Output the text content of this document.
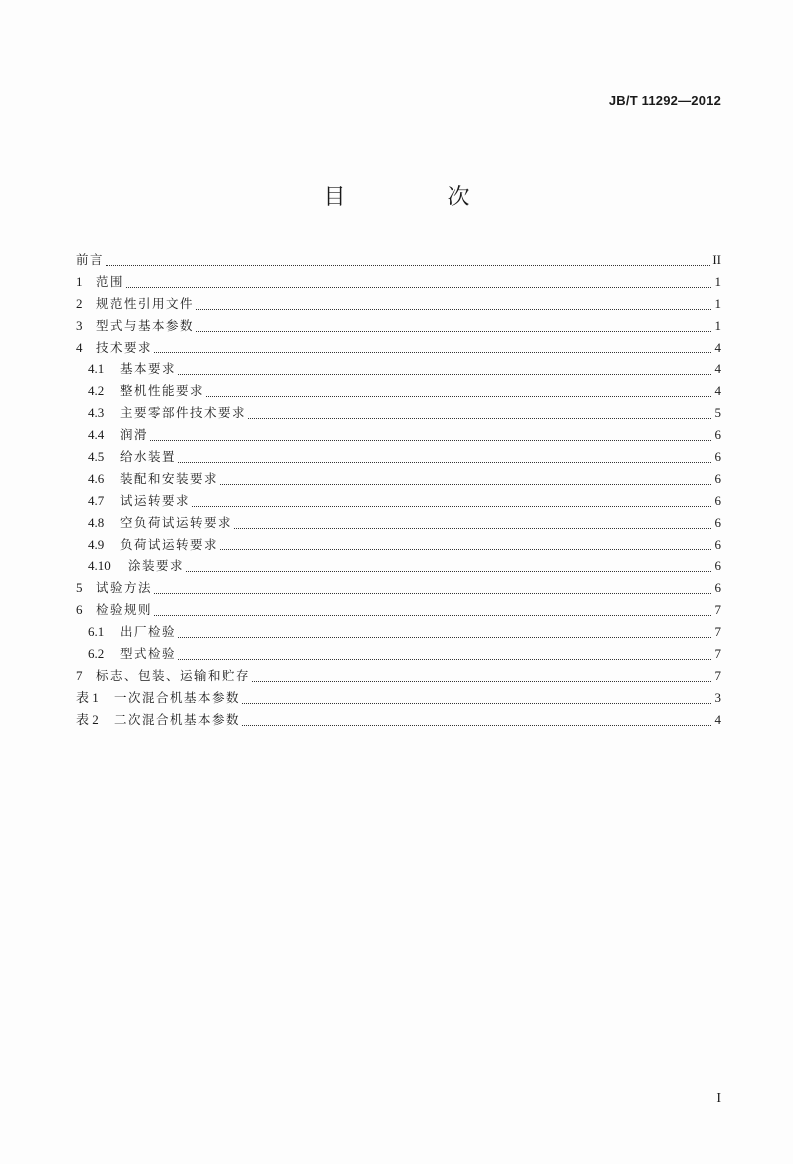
JB/T 11292—2012
目　次
前言	II
1	范围	1
2	规范性引用文件	1
3	型式与基本参数	1
4	技术要求	4
4.1	基本要求	4
4.2	整机性能要求	4
4.3	主要零部件技术要求	5
4.4	润滑	6
4.5	给水装置	6
4.6	装配和安装要求	6
4.7	试运转要求	6
4.8	空负荷试运转要求	6
4.9	负荷试运转要求	6
4.10	涂装要求	6
5	试验方法	6
6	检验规则	7
6.1	出厂检验	7
6.2	型式检验	7
7	标志、包装、运输和贮存	7
表 1	一次混合机基本参数	3
表 2	二次混合机基本参数	4
I
